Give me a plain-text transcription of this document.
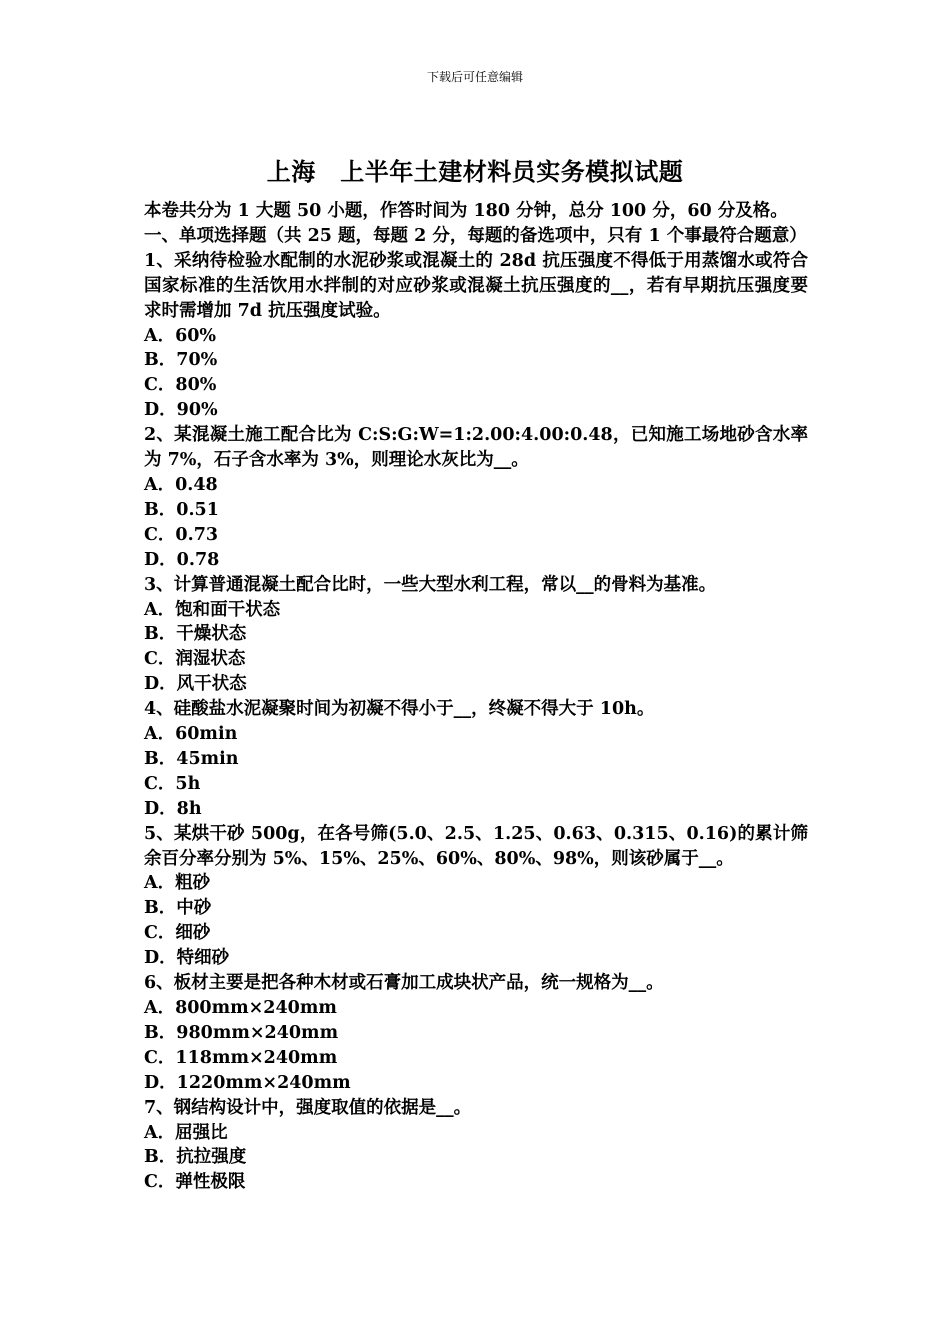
下载后可任意编辑
上海　上半年土建材料员实务模拟试题

本卷共分为 1 大题 50 小题，作答时间为 180 分钟，总分 100 分，60 分及格。

一、单项选择题（共 25 题，每题 2 分，每题的备选项中，只有 1 个事最符合题意）

1、采纳待检验水配制的水泥砂浆或混凝土的 28d 抗压强度不得低于用蒸馏水或符合国家标准的生活饮用水拌制的对应砂浆或混凝土抗压强度的__，若有早期抗压强度要求时需增加 7d 抗压强度试验。

A．60%

B．70%

C．80%

D．90%

2、某混凝土施工配合比为 C:S:G:W=1:2.00:4.00:0.48，已知施工场地砂含水率为 7%，石子含水率为 3%，则理论水灰比为__。

A．0.48

B．0.51

C．0.73

D．0.78

3、计算普通混凝土配合比时，一些大型水利工程，常以__的骨料为基准。

A．饱和面干状态

B．干燥状态

C．润湿状态

D．风干状态

4、硅酸盐水泥凝聚时间为初凝不得小于__，终凝不得大于 10h。

A．60min

B．45min

C．5h

D．8h

5、某烘干砂 500g，在各号筛(5.0、2.5、1.25、0.63、0.315、0.16)的累计筛余百分率分别为 5%、15%、25%、60%、80%、98%，则该砂属于__。

A．粗砂

B．中砂

C．细砂

D．特细砂

6、板材主要是把各种木材或石膏加工成块状产品，统一规格为__。

A．800mm×240mm

B．980mm×240mm

C．118mm×240mm

D．1220mm×240mm

7、钢结构设计中，强度取值的依据是__。

A．屈强比

B．抗拉强度

C．弹性极限
